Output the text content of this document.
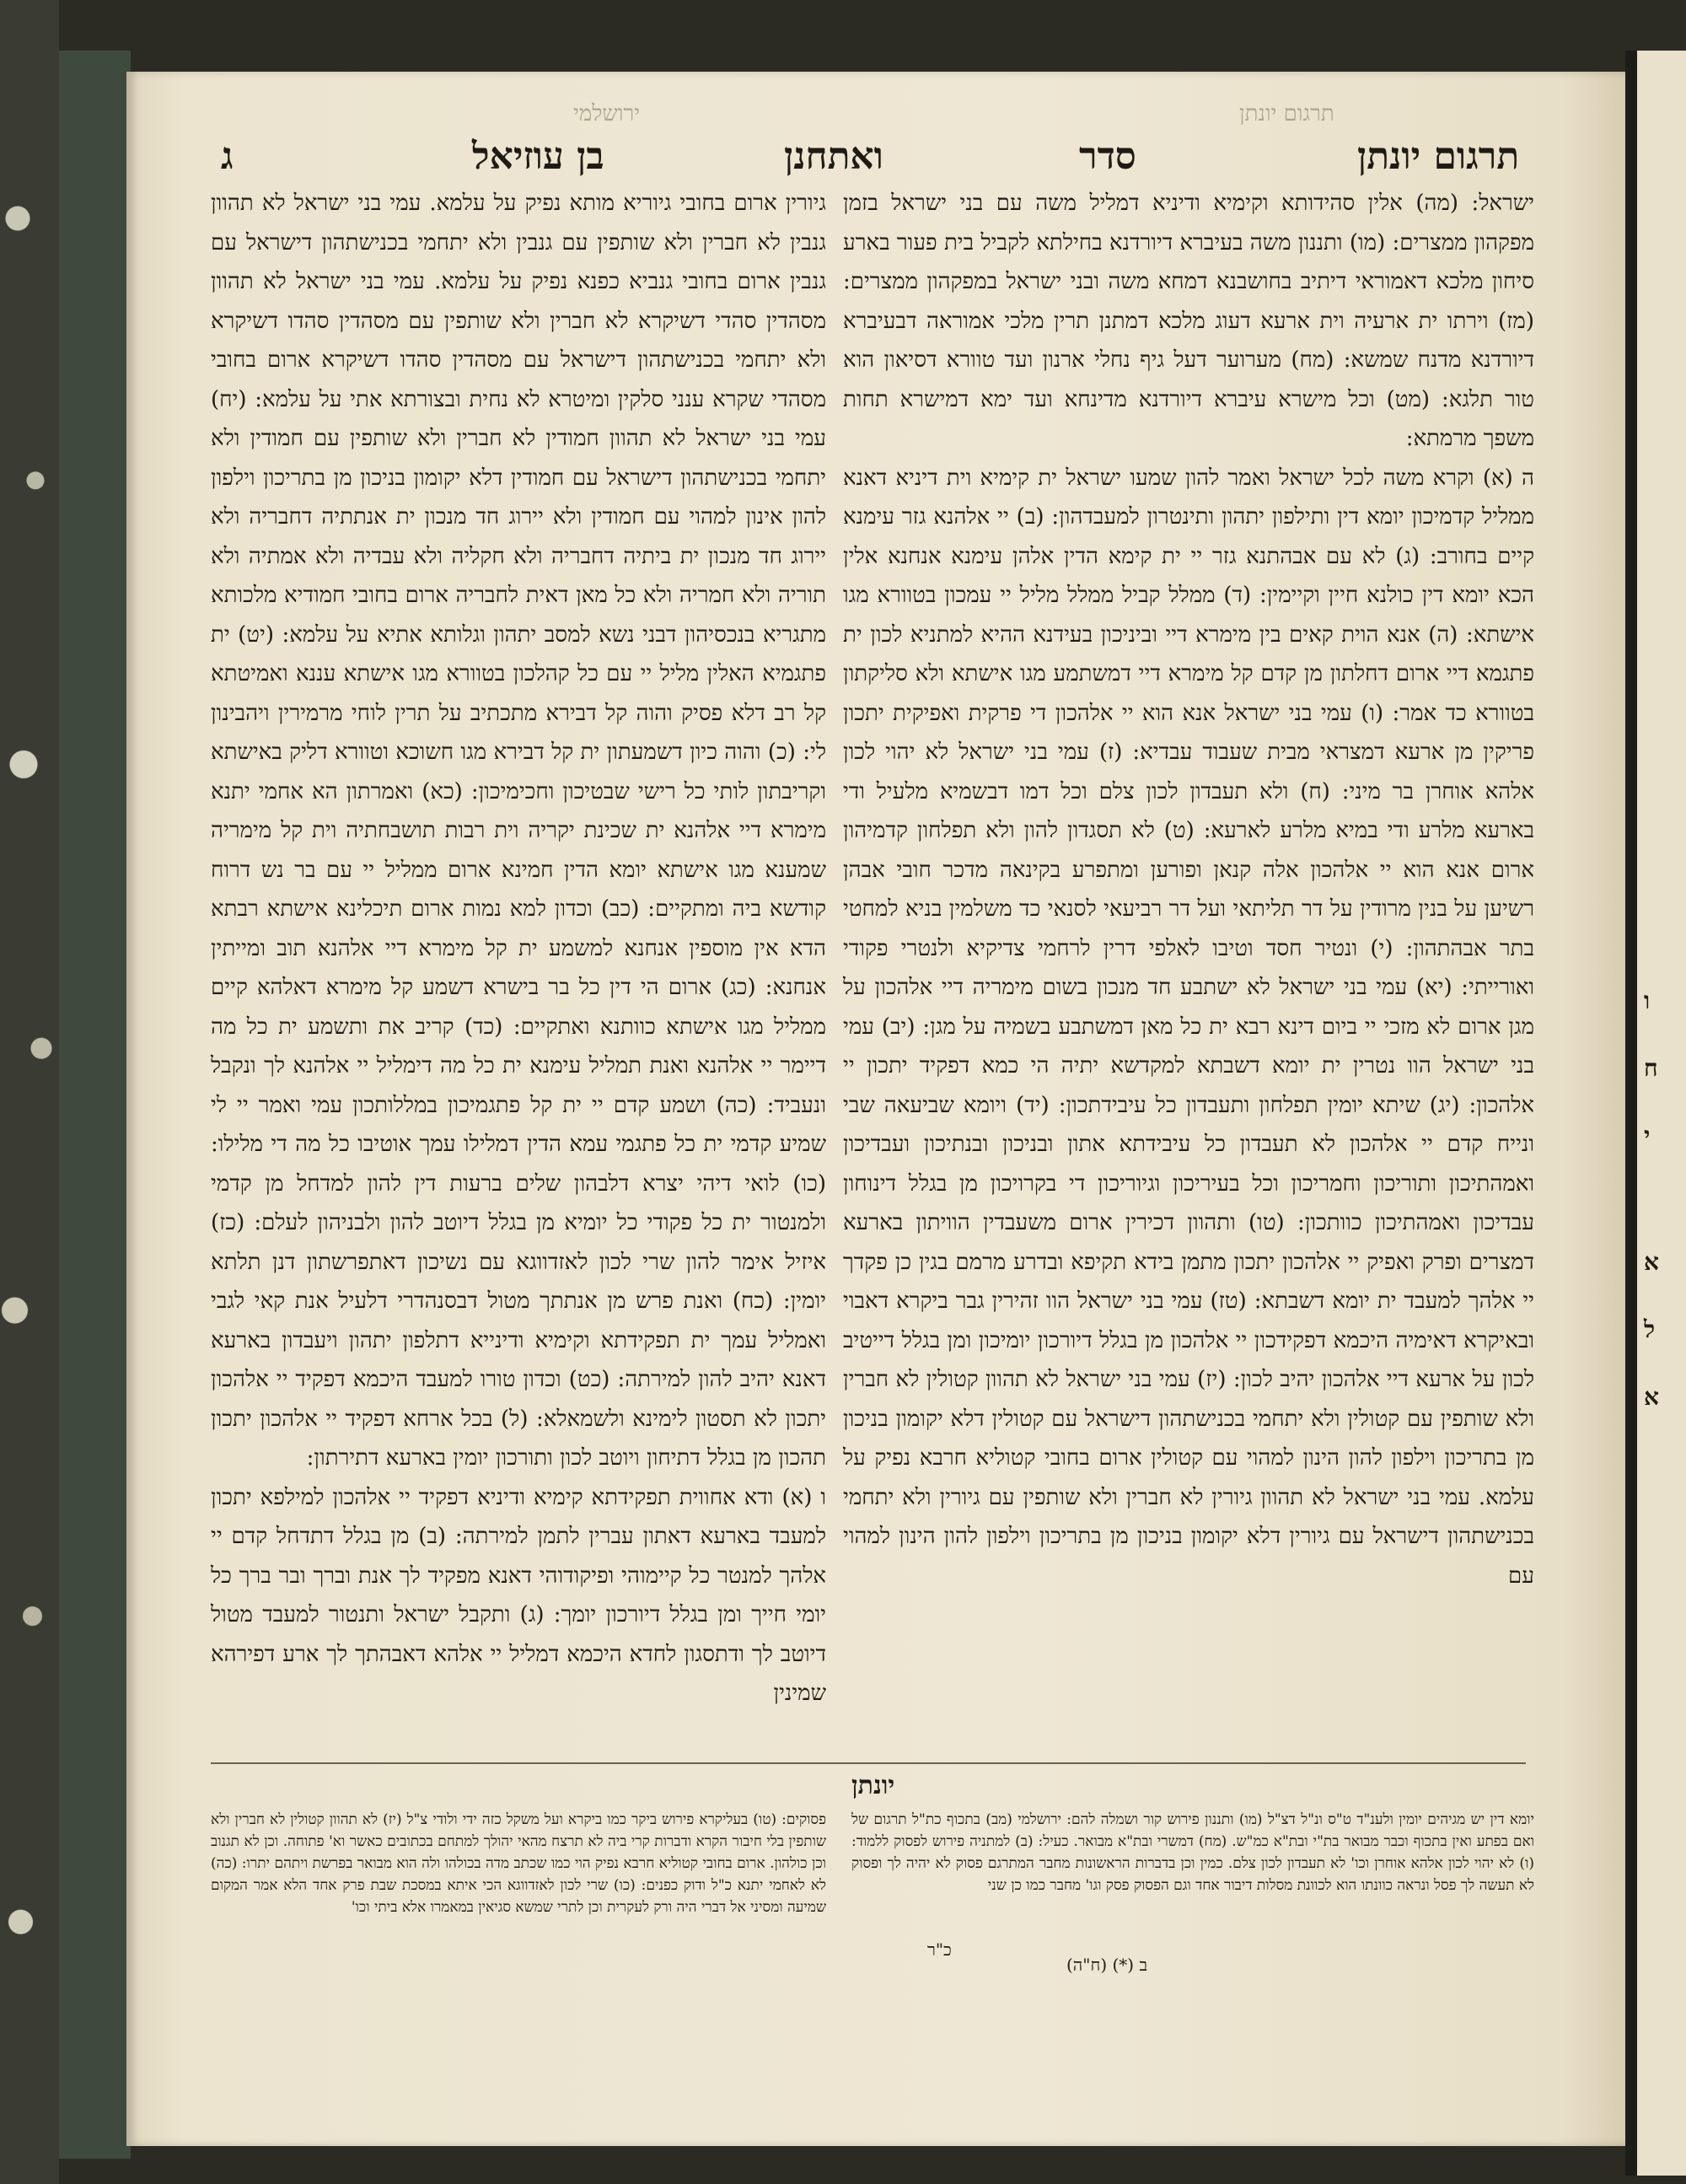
ו
ח
י
א
ל
א
תרגום יונתן
ירושלמי
תרגום יונתן
סדר
ואתחנן
בן עוזיאל
ג

ישראל: (מה) אלין סהידותא וקימיא ודיניא דמליל משה עם בני ישראל בזמן מפקהון ממצרים: (מו) ותננון משה בעיברא דיורדנא בחילתא לקביל בית פעור בארע סיחון מלכא דאמוראי דיתיב בחושבנא דמחא משה ובני ישראל במפקהון ממצרים: (מז) וירתו ית ארעיה וית ארעא דעוג מלכא דמתנן תרין מלכי אמוראה דבעיברא דיורדנא מדנח שמשא: (מח) מערוער דעל גיף נחלי ארנון ועד טוורא דסיאון הוא טור תלגא: (מט) וכל מישרא עיברא דיורדנא מדינחא ועד ימא דמישרא תחות משפך מרמתא:

ה (א) וקרא משה לכל ישראל ואמר להון שמעו ישראל ית קימיא וית דיניא דאנא ממליל קדמיכון יומא דין ותילפון יתהון ותינטרון למעבדהון: (ב) יי אלהנא גזר עימנא קיים בחורב: (ג) לא עם אבהתנא גזר יי ית קימא הדין אלהן עימנא אנחנא אלין הכא יומא דין כולנא חיין וקיימין: (ד) ממלל קביל ממלל מליל יי עמכון בטוורא מגו אישתא: (ה) אנא הוית קאים בין מימרא דיי וביניכון בעידנא ההיא למתניא לכון ית פתגמא דיי ארום דחלתון מן קדם קל מימרא דיי דמשתמע מגו אישתא ולא סליקתון בטוורא כד אמר: (ו) עמי בני ישראל אנא הוא יי אלהכון די פרקית ואפיקית יתכון פריקין מן ארעא דמצראי מבית שעבוד עבדיא: (ז) עמי בני ישראל לא יהוי לכון אלהא אוחרן בר מיני: (ח) ולא תעבדון לכון צלם וכל דמו דבשמיא מלעיל ודי בארעא מלרע ודי במיא מלרע לארעא: (ט) לא תסגדון להון ולא תפלחון קדמיהון ארום אנא הוא יי אלהכון אלה קנאן ופורען ומתפרע בקינאה מדכר חובי אבהן רשיען על בנין מרודין על דר תליתאי ועל דר רביעאי לסנאי כד משלמין בניא למחטי בתר אבהתהון: (י) ונטיר חסד וטיבו לאלפי דרין לרחמי צדיקיא ולנטרי פקודי ואורייתי: (יא) עמי בני ישראל לא ישתבע חד מנכון בשום מימריה דיי אלהכון על מגן ארום לא מזכי יי ביום דינא רבא ית כל מאן דמשתבע בשמיה על מגן: (יב) עמי בני ישראל הוו נטרין ית יומא דשבתא למקדשא יתיה הי כמא דפקיד יתכון יי אלהכון: (יג) שיתא יומין תפלחון ותעבדון כל עיבידתכון: (יד) ויומא שביעאה שבי ונייח קדם יי אלהכון לא תעבדון כל עיבידתא אתון ובניכון ובנתיכון ועבדיכון ואמהתיכון ותוריכון וחמריכון וכל בעיריכון וגיוריכון די בקרויכון מן בגלל דינוחון עבדיכון ואמהתיכון כוותכון: (טו) ותהוון דכירין ארום משעבדין הוויתון בארעא דמצרים ופרק ואפיק יי אלהכון יתכון מתמן בידא תקיפא ובדרע מרמם בגין כן פקדך יי אלהך למעבד ית יומא דשבתא: (טז) עמי בני ישראל הוו זהירין גבר ביקרא דאבוי ובאיקרא דאימיה היכמא דפקידכון יי אלהכון מן בגלל דיורכון יומיכון ומן בגלל דייטיב לכון על ארעא דיי אלהכון יהיב לכון: (יז) עמי בני ישראל לא תהוון קטולין לא חברין ולא שותפין עם קטולין ולא יתחמי בכנישתהון דישראל עם קטולין דלא יקומון בניכון מן בתריכון וילפון להון הינון למהוי עם קטולין ארום בחובי קטוליא חרבא נפיק על עלמא. עמי בני ישראל לא תהוון גיורין לא חברין ולא שותפין עם גיורין ולא יתחמי בכנישתהון דישראל עם גיורין דלא יקומון בניכון מן בתריכון וילפון להון הינון למהוי עם

גיורין ארום בחובי גיוריא מותא נפיק על עלמא. עמי בני ישראל לא תהוון גנבין לא חברין ולא שותפין עם גנבין ולא יתחמי בכנישתהון דישראל עם גנבין ארום בחובי גנביא כפנא נפיק על עלמא. עמי בני ישראל לא תהוון מסהדין סהדי דשיקרא לא חברין ולא שותפין עם מסהדין סהדו דשיקרא ולא יתחמי בכנישתהון דישראל עם מסהדין סהדו דשיקרא ארום בחובי מסהדי שקרא ענני סלקין ומיטרא לא נחית ובצורתא אתי על עלמא: (יח) עמי בני ישראל לא תהוון חמודין לא חברין ולא שותפין עם חמודין ולא יתחמי בכנישתהון דישראל עם חמודין דלא יקומון בניכון מן בתריכון וילפון להון אינון למהוי עם חמודין ולא יירוג חד מנכון ית אנתתיה דחבריה ולא יירוג חד מנכון ית ביתיה דחבריה ולא חקליה ולא עבדיה ולא אמתיה ולא תוריה ולא חמריה ולא כל מאן דאית לחבריה ארום בחובי חמודיא מלכותא מתגריא בנכסיהון דבני נשא למסב יתהון וגלותא אתיא על עלמא: (יט) ית פתגמיא האלין מליל יי עם כל קהלכון בטוורא מגו אישתא עננא ואמיטתא קל רב דלא פסיק והוה קל דבירא מתכתיב על תרין לוחי מרמירין ויהבינון לי: (כ) והוה כיון דשמעתון ית קל דבירא מגו חשוכא וטוורא דליק באישתא וקריבתון לותי כל רישי שבטיכון וחכימיכון: (כא) ואמרתון הא אחמי יתנא מימרא דיי אלהנא ית שכינת יקריה וית רבות תושבחתיה וית קל מימריה שמענא מגו אישתא יומא הדין חמינא ארום ממליל יי עם בר נש דרוח קודשא ביה ומתקיים: (כב) וכדון למא נמות ארום תיכלינא אישתא רבתא הדא אין מוספין אנחנא למשמע ית קל מימרא דיי אלהנא תוב ומייתין אנחנא: (כג) ארום הי דין כל בר בישרא דשמע קל מימרא דאלהא קיים ממליל מגו אישתא כוותנא ואתקיים: (כד) קריב את ותשמע ית כל מה דיימר יי אלהנא ואנת תמליל עימנא ית כל מה דימליל יי אלהנא לך ונקבל ונעביד: (כה) ושמע קדם יי ית קל פתגמיכון במללותכון עמי ואמר יי לי שמיע קדמי ית כל פתגמי עמא הדין דמלילו עמך אוטיבו כל מה די מלילו: (כו) לואי דיהי יצרא דלבהון שלים ברעות דין להון למדחל מן קדמי ולמנטור ית כל פקודי כל יומיא מן בגלל דיוטב להון ולבניהון לעלם: (כז) איזיל אימר להון שרי לכון לאזדווגא עם נשיכון דאתפרשתון דנן תלתא יומין: (כח) ואנת פרש מן אנתתך מטול דבסנהדרי דלעיל אנת קאי לגבי ואמליל עמך ית תפקידתא וקימיא ודינייא דתלפון יתהון ויעבדון בארעא דאנא יהיב להון למירתה: (כט) וכדון טורו למעבד היכמא דפקיד יי אלהכון יתכון לא תסטון לימינא ולשמאלא: (ל) בכל ארחא דפקיד יי אלהכון יתכון תהכון מן בגלל דתיחון ויוטב לכון ותורכון יומין בארעא דתירתון:

ו (א) ודא אחווית תפקידתא קימיא ודיניא דפקיד יי אלהכון למילפא יתכון למעבד בארעא דאתון עברין לתמן למירתה: (ב) מן בגלל דתדחל קדם יי אלהך למנטר כל קיימוהי ופיקודוהי דאנא מפקיד לך אנת וברך ובר ברך כל יומי חייך ומן בגלל דיורכון יומך: (ג) ותקבל ישראל ותנטור למעבד מטול דיוטב לך ודתסגון לחדא היכמא דמליל יי אלהא דאבהתך לך ארע דפירהא שמינין

יונתן
יומא דין יש מגיהים יומין ולענ"ד ט"ס ונ"ל דצ"ל (מו) ותננון פירוש קור ושמלה להם: ירושלמי (מב) בתכוף כת"ל תרגום של ואם בפתע ואין בתכוף וכבר מבואר בת"י ובת"א כמ"ש. (מח) דמשרי ובת"א מבואר. כעיל: (ב) למתניה פירוש לפסוק ללמוד: (ו) לא יהוי לכון אלהא אוחרן וכו' לא תעבדון לכון צלם. כמין וכן בדברות הראשונות מחבר המתרגם פסוק לא יהיה לך ופסוק לא תעשה לך פסל ונראה כוונתו הוא לכוונת מסלות דיבור אחד וגם הפסוק פסק וגו' מחבר כמו כן שני
פסוקים: (טו) בעליקרא פירוש ביקר כמו ביקרא ועל משקל כזה ידי ולודי צ"ל (יז) לא תהוון קטולין לא חברין ולא שותפין בלי חיבור הקרא ודברות קרי ביה לא תרצח מהאי יהולך למתחם בכתובים כאשר וא' פתוחה. וכן לא תגנוב וכן כולהון. ארום בחובי קטוליא חרבא נפיק הוי כמו שכתב מדה בכולהו ולה הוא מבואר בפרשת ויתהם יתרו: (כה) לא לאחמי יתנא כ"ל ודוק כפנים: (כו) שרי לכון לאזדווגא הכי איתא במסכת שבת פרק אחד הלא אמר המקום שמיעה ומסיני אל דברי היה ורק לעקרית וכן לתרי שמשא סגיאין במאמרו אלא ביתי וכו'
כ"ר
ב (*) (ח"ה)
